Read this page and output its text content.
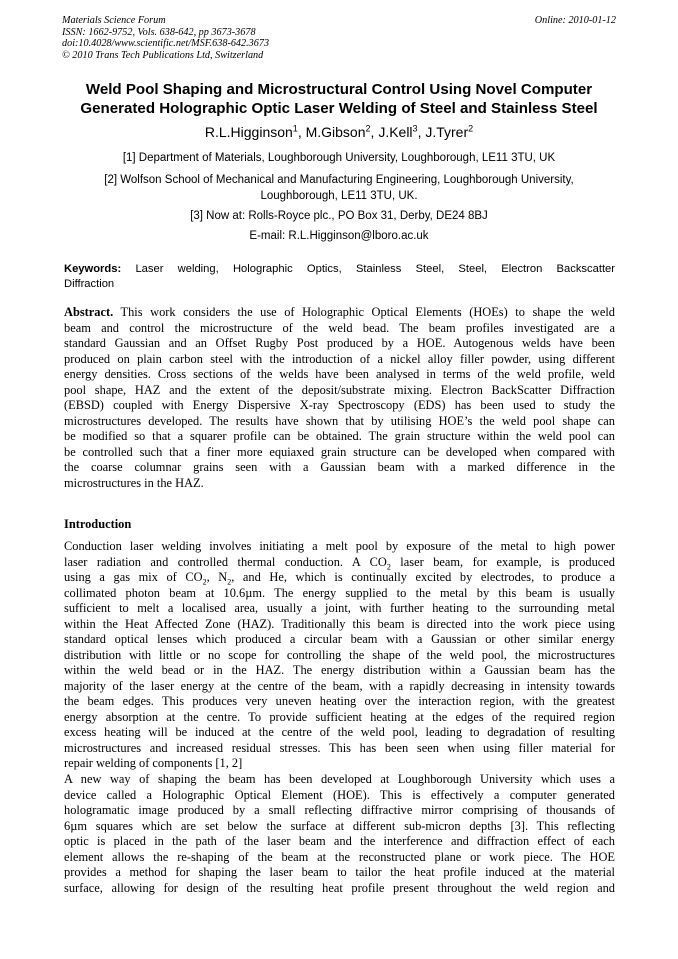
Materials Science Forum
ISSN: 1662-9752, Vols. 638-642, pp 3673-3678
doi:10.4028/www.scientific.net/MSF.638-642.3673
© 2010 Trans Tech Publications Ltd, Switzerland
Online: 2010-01-12
Weld Pool Shaping and Microstructural Control Using Novel Computer
Generated Holographic Optic Laser Welding of Steel and Stainless Steel
R.L.Higginson$^1$, M.Gibson$^2$, J.Kell$^3$, J.Tyrer$^2$
[1] Department of Materials, Loughborough University, Loughborough, LE11 3TU, UK
[2] Wolfson School of Mechanical and Manufacturing Engineering, Loughborough University,
Loughborough, LE11 3TU, UK.
[3] Now at: Rolls-Royce plc., PO Box 31, Derby, DE24 8BJ
E-mail: R.L.Higginson@lboro.ac.uk
Keywords: Laser welding, Holographic Optics, Stainless Steel, Steel, Electron Backscatter
Diffraction
Abstract. This work considers the use of Holographic Optical Elements (HOEs) to shape the weld
beam and control the microstructure of the weld bead. The beam profiles investigated are a
standard Gaussian and an Offset Rugby Post produced by a HOE. Autogenous welds have been
produced on plain carbon steel with the introduction of a nickel alloy filler powder, using different
energy densities. Cross sections of the welds have been analysed in terms of the weld profile, weld
pool shape, HAZ and the extent of the deposit/substrate mixing. Electron BackScatter Diffraction
(EBSD) coupled with Energy Dispersive X-ray Spectroscopy (EDS) has been used to study the
microstructures developed. The results have shown that by utilising HOE’s the weld pool shape can
be modified so that a squarer profile can be obtained. The grain structure within the weld pool can
be controlled such that a finer more equiaxed grain structure can be developed when compared with
the coarse columnar grains seen with a Gaussian beam with a marked difference in the
microstructures in the HAZ.
Introduction
Conduction laser welding involves initiating a melt pool by exposure of the metal to high power
laser radiation and controlled thermal conduction. A $CO_2$ laser beam, for example, is produced
using a gas mix of $CO_2$, $N_2$, and He, which is continually excited by electrodes, to produce a
collimated photon beam at 10.6µm. The energy supplied to the metal by this beam is usually
sufficient to melt a localised area, usually a joint, with further heating to the surrounding metal
within the Heat Affected Zone (HAZ). Traditionally this beam is directed into the work piece using
standard optical lenses which produced a circular beam with a Gaussian or other similar energy
distribution with little or no scope for controlling the shape of the weld pool, the microstructures
within the weld bead or in the HAZ. The energy distribution within a Gaussian beam has the
majority of the laser energy at the centre of the beam, with a rapidly decreasing in intensity towards
the beam edges. This produces very uneven heating over the interaction region, with the greatest
energy absorption at the centre. To provide sufficient heating at the edges of the required region
excess heating will be induced at the centre of the weld pool, leading to degradation of resulting
microstructures and increased residual stresses. This has been seen when using filler material for
repair welding of components [1, 2]
A new way of shaping the beam has been developed at Loughborough University which uses a
device called a Holographic Optical Element (HOE). This is effectively a computer generated
hologramatic image produced by a small reflecting diffractive mirror comprising of thousands of
6µm squares which are set below the surface at different sub-micron depths [3]. This reflecting
optic is placed in the path of the laser beam and the interference and diffraction effect of each
element allows the re-shaping of the beam at the reconstructed plane or work piece. The HOE
provides a method for shaping the laser beam to tailor the heat profile induced at the material
surface, allowing for design of the resulting heat profile present throughout the weld region and
